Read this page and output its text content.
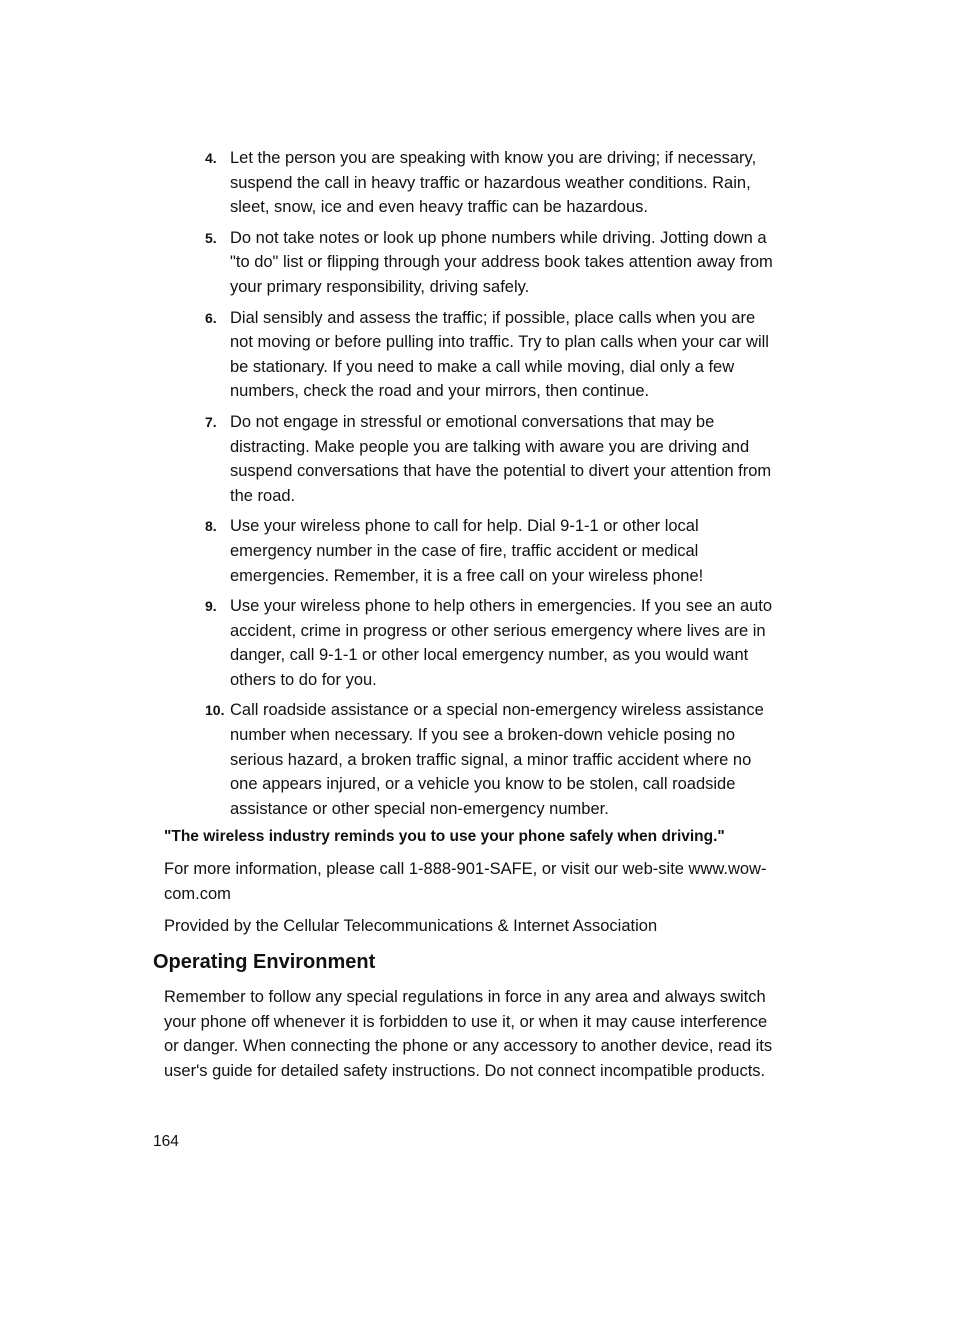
4. Let the person you are speaking with know you are driving; if necessary, suspend the call in heavy traffic or hazardous weather conditions. Rain, sleet, snow, ice and even heavy traffic can be hazardous.
5. Do not take notes or look up phone numbers while driving. Jotting down a "to do" list or flipping through your address book takes attention away from your primary responsibility, driving safely.
6. Dial sensibly and assess the traffic; if possible, place calls when you are not moving or before pulling into traffic. Try to plan calls when your car will be stationary. If you need to make a call while moving, dial only a few numbers, check the road and your mirrors, then continue.
7. Do not engage in stressful or emotional conversations that may be distracting. Make people you are talking with aware you are driving and suspend conversations that have the potential to divert your attention from the road.
8. Use your wireless phone to call for help. Dial 9-1-1 or other local emergency number in the case of fire, traffic accident or medical emergencies. Remember, it is a free call on your wireless phone!
9. Use your wireless phone to help others in emergencies. If you see an auto accident, crime in progress or other serious emergency where lives are in danger, call 9-1-1 or other local emergency number, as you would want others to do for you.
10. Call roadside assistance or a special non-emergency wireless assistance number when necessary. If you see a broken-down vehicle posing no serious hazard, a broken traffic signal, a minor traffic accident where no one appears injured, or a vehicle you know to be stolen, call roadside assistance or other special non-emergency number.

"The wireless industry reminds you to use your phone safely when driving."

For more information, please call 1-888-901-SAFE, or visit our web-site www.wow-com.com

Provided by the Cellular Telecommunications & Internet Association

Operating Environment

Remember to follow any special regulations in force in any area and always switch your phone off whenever it is forbidden to use it, or when it may cause interference or danger. When connecting the phone or any accessory to another device, read its user's guide for detailed safety instructions. Do not connect incompatible products.

164
